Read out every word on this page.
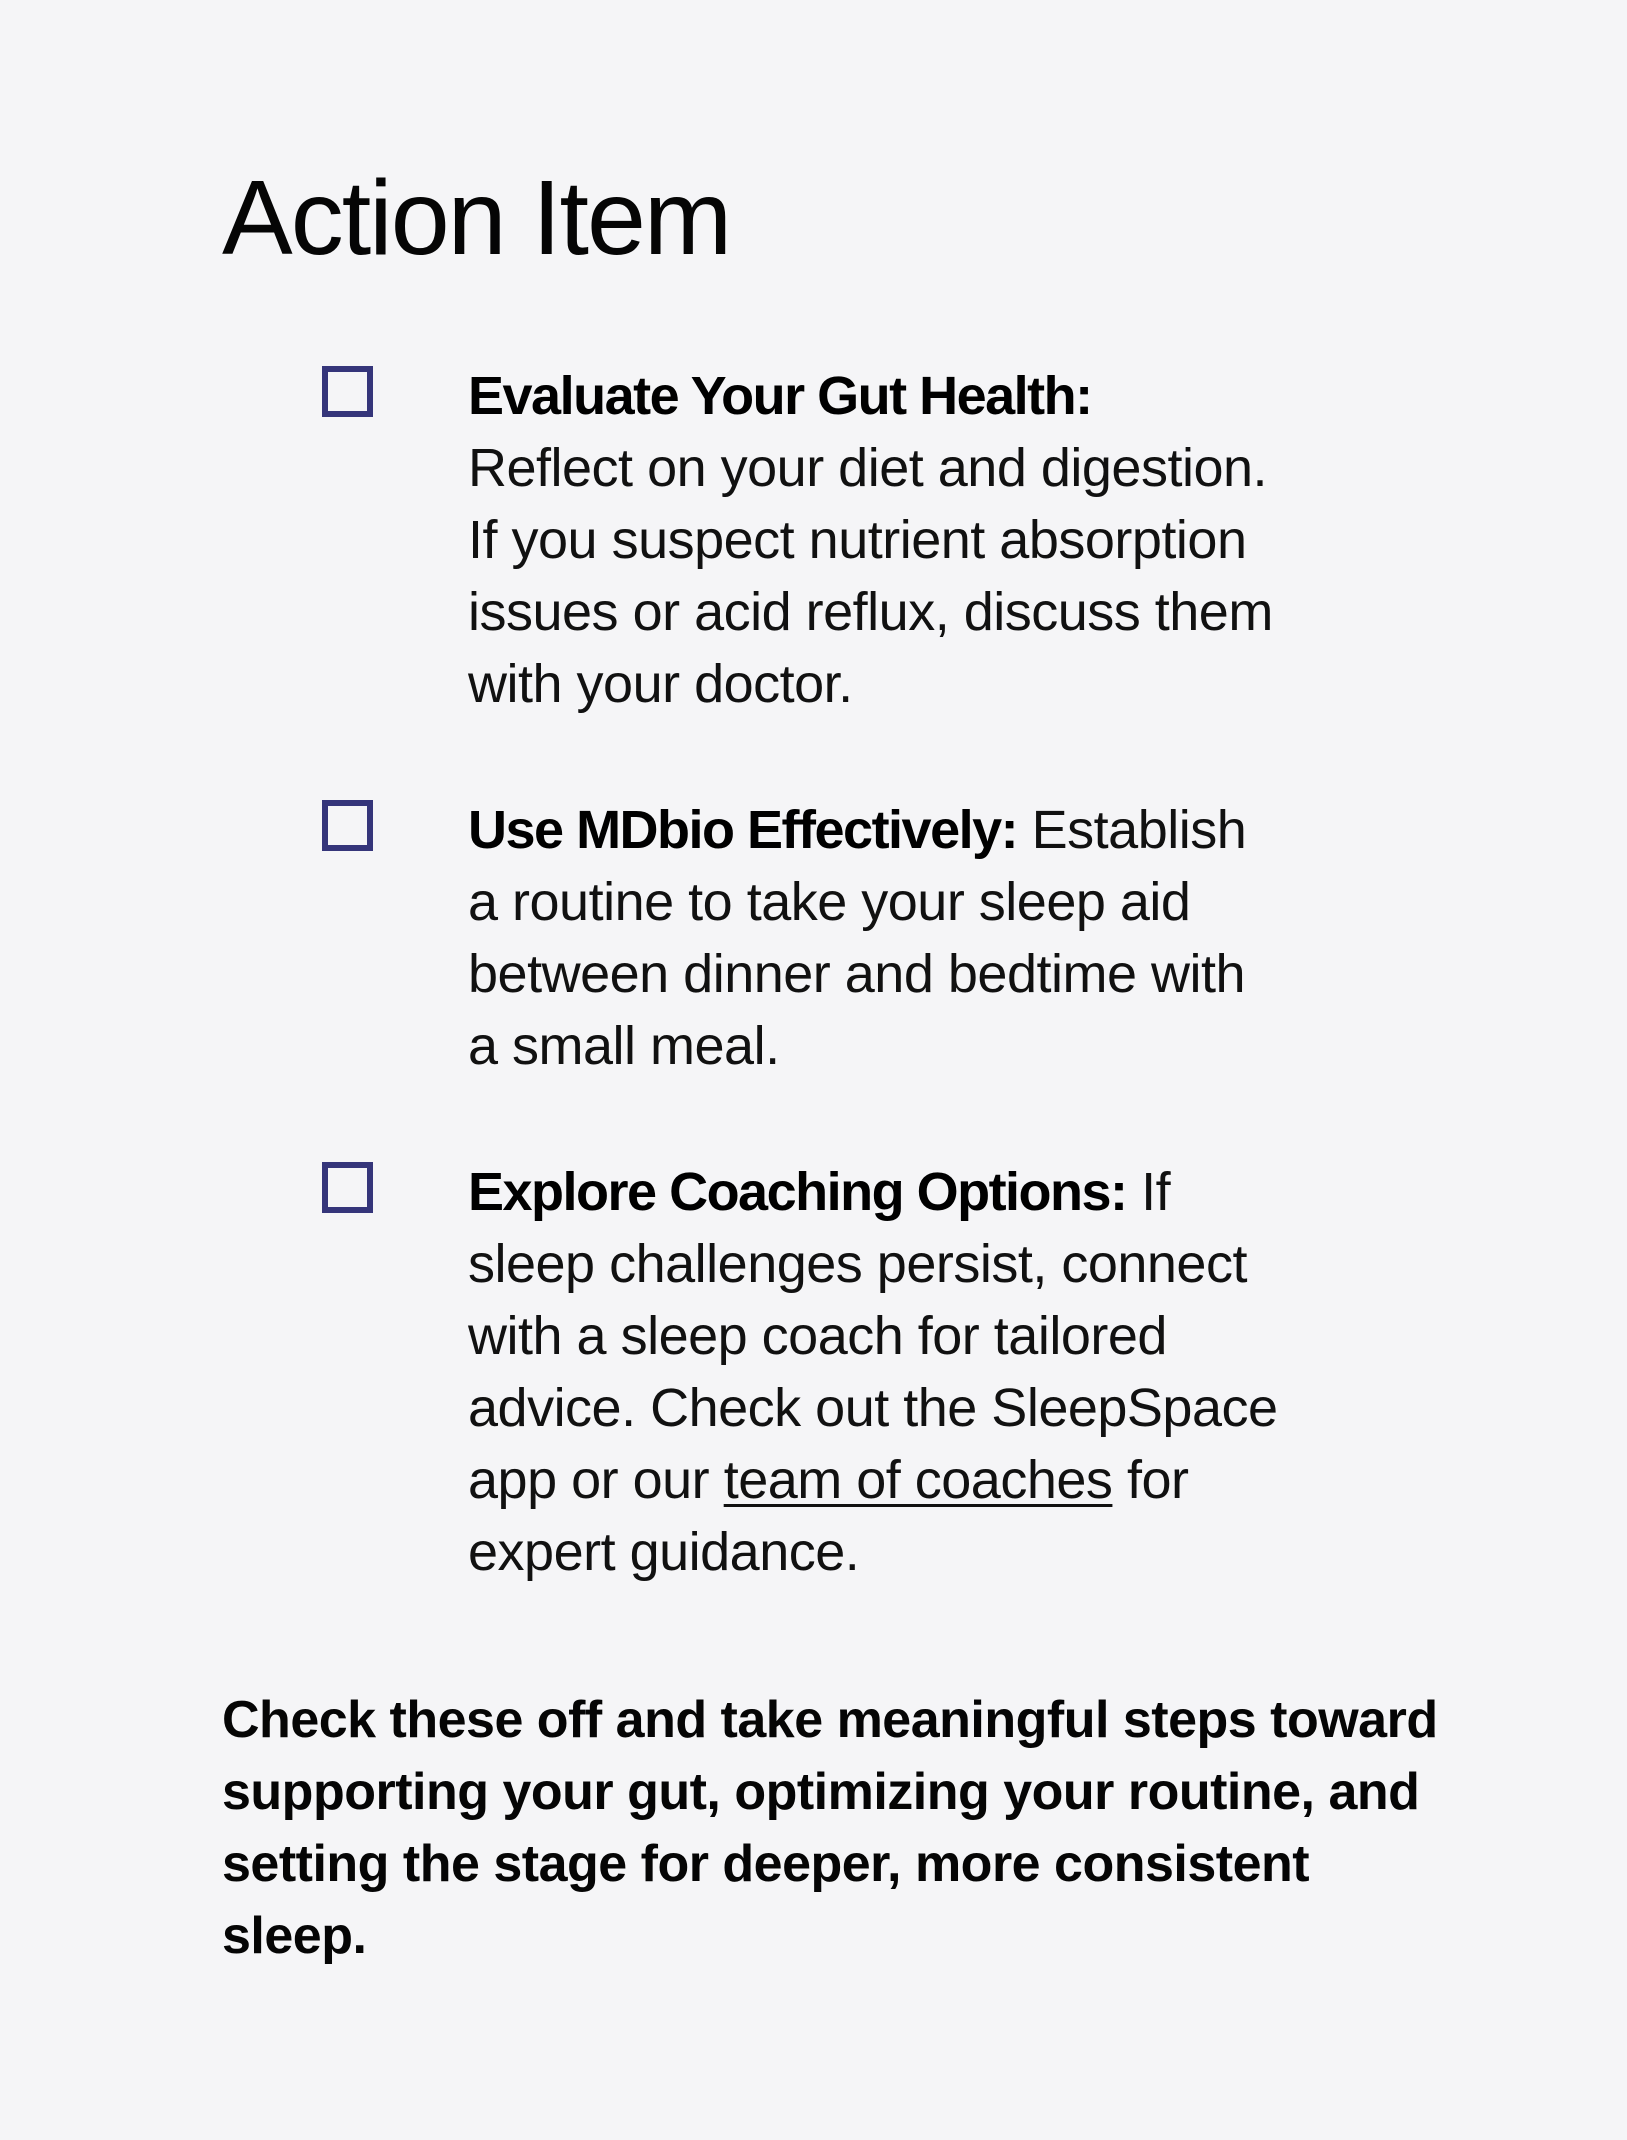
Action Item
Evaluate Your Gut Health:
Reflect on your diet and digestion. If you suspect nutrient absorption issues or acid reflux, discuss them with your doctor.
Use MDbio Effectively: Establish a routine to take your sleep aid between dinner and bedtime with a small meal.
Explore Coaching Options: If sleep challenges persist, connect with a sleep coach for tailored advice. Check out the SleepSpace app or our team of coaches for expert guidance.

Check these off and take meaningful steps toward supporting your gut, optimizing your routine, and setting the stage for deeper, more consistent sleep.
